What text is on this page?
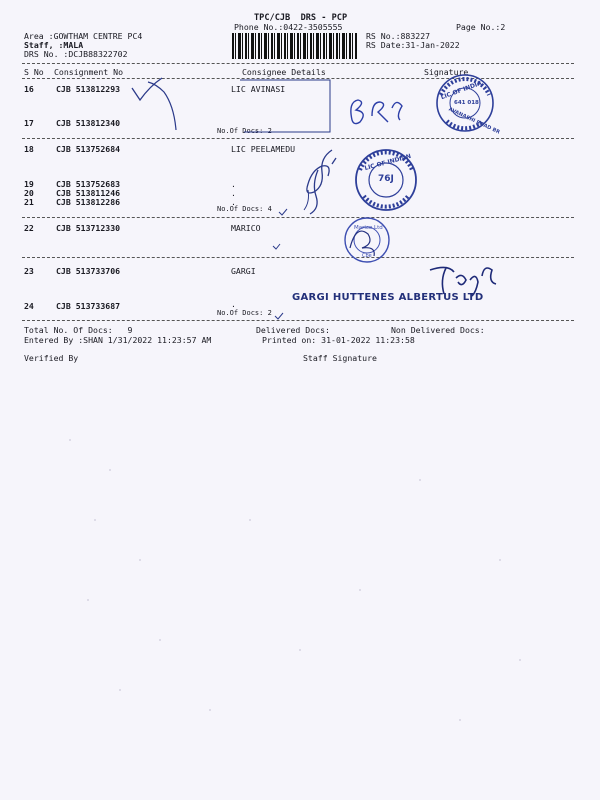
TPC/CJB  DRS - PCP
Phone No.:0422-3505555	Page No.:2
Area :GOWTHAM CENTRE PC4
Staff, :MALA
DRS No. :DCJB88322702
RS No.:883227
RS Date:31-Jan-2022
S No Consignment No	Consignee Details	Signature
16	CJB 513812293	LIC AVINASI
17	CJB 513812340
No.Of Docs: 2
18	CJB 513752684	LIC PEELAMEDU
19	CJB 513752683	.
20	CJB 513811246	.
21	CJB 513812286	.
No.Of Docs: 4
22	CJB 513712330	MARICO
23	CJB 513733706	GARGI
24	CJB 513733687	.
No.Of Docs: 2
Total No. Of Docs:   9	Delivered Docs:	Non Delivered Docs:
Entered By :SHAN 1/31/2022 11:23:57 AM	Printed on: 31-01-2022 11:23:58
Verified By	Staff Signature
LIC OF INDIA
641 018
AVANASHI ROAD BR
LIC OF INDIAN
76J
Marico Ltd
Cbe
GARGI HUTTENES ALBERTUS LTD
